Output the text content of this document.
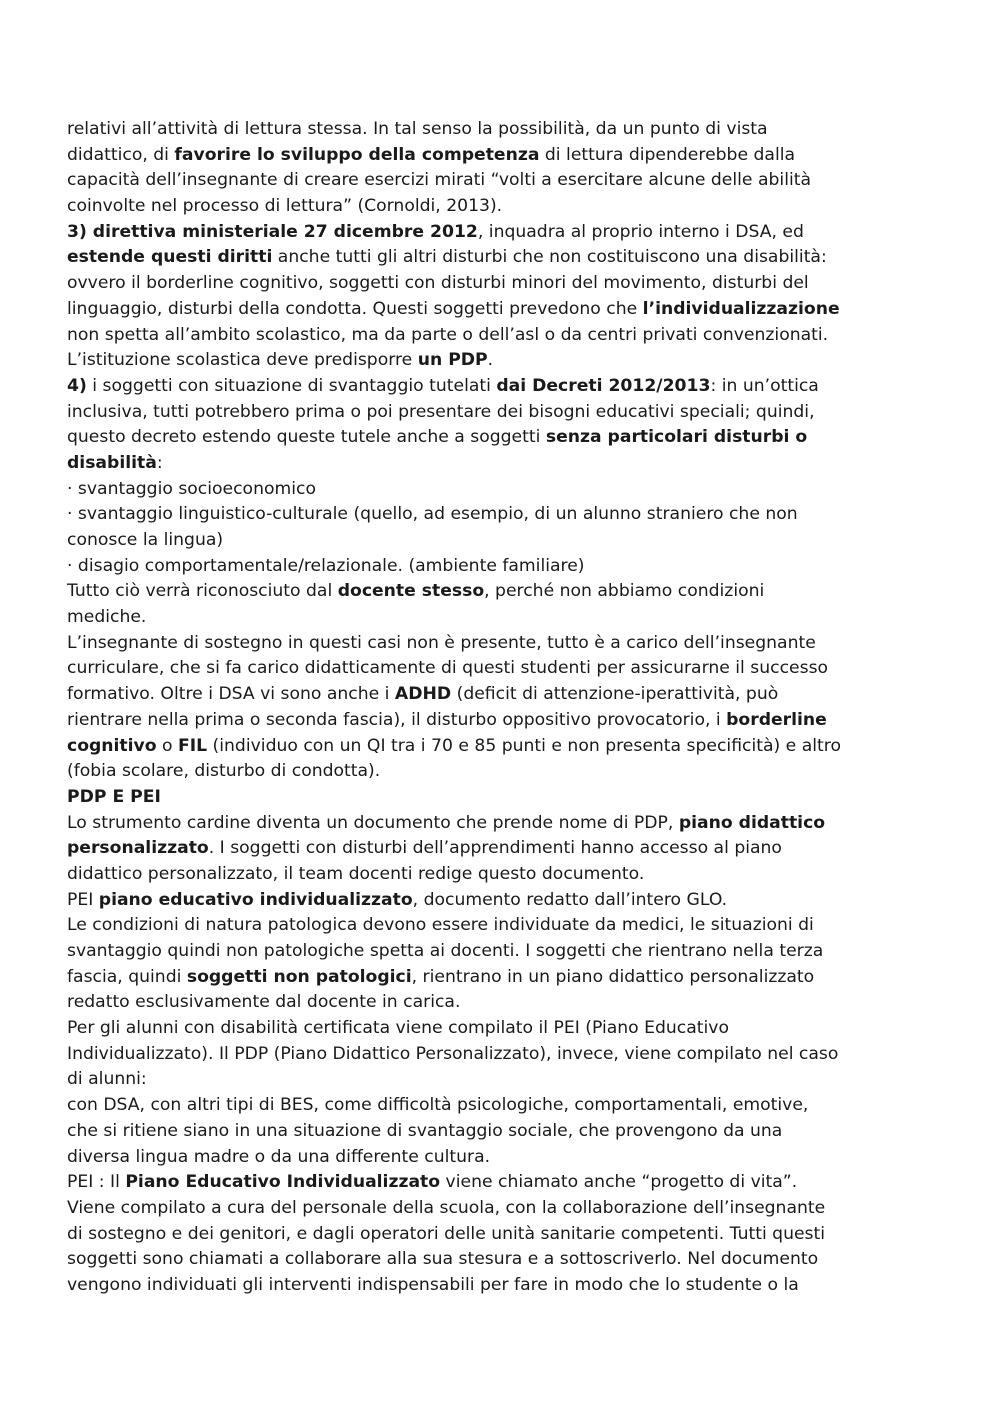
relativi all’attività di lettura stessa. In tal senso la possibilità, da un punto di vista
didattico, di favorire lo sviluppo della competenza di lettura dipenderebbe dalla
capacità dell’insegnante di creare esercizi mirati “volti a esercitare alcune delle abilità
coinvolte nel processo di lettura” (Cornoldi, 2013).
3) direttiva ministeriale 27 dicembre 2012, inquadra al proprio interno i DSA, ed
estende questi diritti anche tutti gli altri disturbi che non costituiscono una disabilità:
ovvero il borderline cognitivo, soggetti con disturbi minori del movimento, disturbi del
linguaggio, disturbi della condotta. Questi soggetti prevedono che l’individualizzazione
non spetta all’ambito scolastico, ma da parte o dell’asl o da centri privati convenzionati.
L’istituzione scolastica deve predisporre un PDP.
4) i soggetti con situazione di svantaggio tutelati dai Decreti 2012/2013: in un’ottica
inclusiva, tutti potrebbero prima o poi presentare dei bisogni educativi speciali; quindi,
questo decreto estendo queste tutele anche a soggetti senza particolari disturbi o
disabilità:
· svantaggio socioeconomico
· svantaggio linguistico-culturale (quello, ad esempio, di un alunno straniero che non
conosce la lingua)
· disagio comportamentale/relazionale. (ambiente familiare)
Tutto ciò verrà riconosciuto dal docente stesso, perché non abbiamo condizioni
mediche.
L’insegnante di sostegno in questi casi non è presente, tutto è a carico dell’insegnante
curriculare, che si fa carico didatticamente di questi studenti per assicurarne il successo
formativo. Oltre i DSA vi sono anche i ADHD (deficit di attenzione-iperattività, può
rientrare nella prima o seconda fascia), il disturbo oppositivo provocatorio, i borderline
cognitivo o FIL (individuo con un QI tra i 70 e 85 punti e non presenta specificità) e altro
(fobia scolare, disturbo di condotta).
PDP E PEI
Lo strumento cardine diventa un documento che prende nome di PDP, piano didattico
personalizzato. I soggetti con disturbi dell’apprendimenti hanno accesso al piano
didattico personalizzato, il team docenti redige questo documento.
PEI piano educativo individualizzato, documento redatto dall’intero GLO.
Le condizioni di natura patologica devono essere individuate da medici, le situazioni di
svantaggio quindi non patologiche spetta ai docenti. I soggetti che rientrano nella terza
fascia, quindi soggetti non patologici, rientrano in un piano didattico personalizzato
redatto esclusivamente dal docente in carica.
Per gli alunni con disabilità certificata viene compilato il PEI (Piano Educativo
Individualizzato). Il PDP (Piano Didattico Personalizzato), invece, viene compilato nel caso
di alunni:
con DSA, con altri tipi di BES, come difficoltà psicologiche, comportamentali, emotive,
che si ritiene siano in una situazione di svantaggio sociale, che provengono da una
diversa lingua madre o da una differente cultura.
PEI : Il Piano Educativo Individualizzato viene chiamato anche “progetto di vita”.
Viene compilato a cura del personale della scuola, con la collaborazione dell’insegnante
di sostegno e dei genitori, e dagli operatori delle unità sanitarie competenti. Tutti questi
soggetti sono chiamati a collaborare alla sua stesura e a sottoscriverlo. Nel documento
vengono individuati gli interventi indispensabili per fare in modo che lo studente o la
